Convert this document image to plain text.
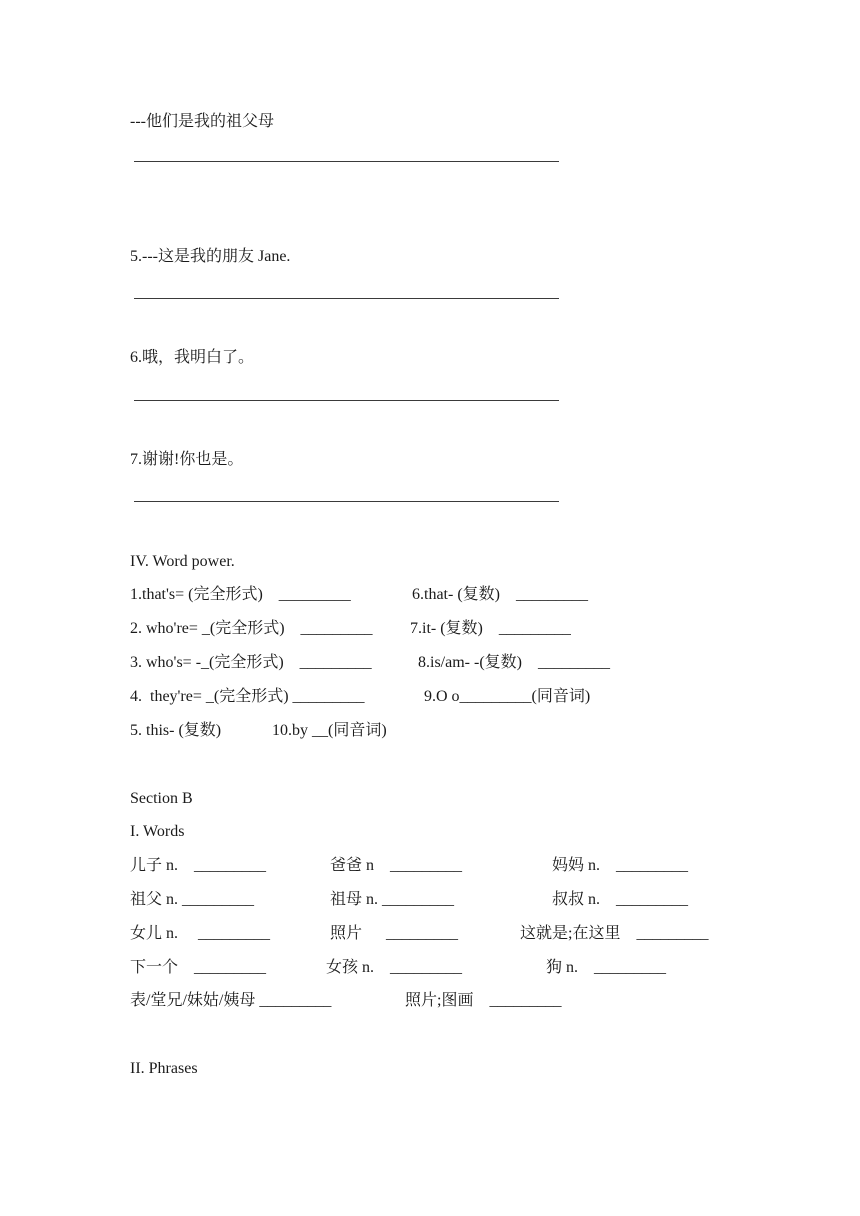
---他们是我的祖父母
5.---这是我的朋友 Jane.
6.哦，我明白了。
7.谢谢!你也是。
IV. Word power.
1.that's= (完全形式)    _________	6.that- (复数)    _________
2. who're= _(完全形式)    _________ 7.it- (复数)    _________
3. who's= -_(完全形式)    _________	8.is/am- -(复数)    _________
4.  they're= _(完全形式) _________	9.O o_________(同音词)
5. this- (复数)	10.by __(同音词)
Section B
I. Words
儿子 n.    _________	爸爸 n    _________	妈妈 n.    _________
祖父 n. _________	祖母 n. _________	叔叔 n.    _________
女儿 n.     _________	照片      _________	这就是;在这里    _________
下一个    _________	女孩 n.    _________	狗 n.    _________
表/堂兄/妹姑/姨母 _________	照片;图画    _________
II. Phrases
